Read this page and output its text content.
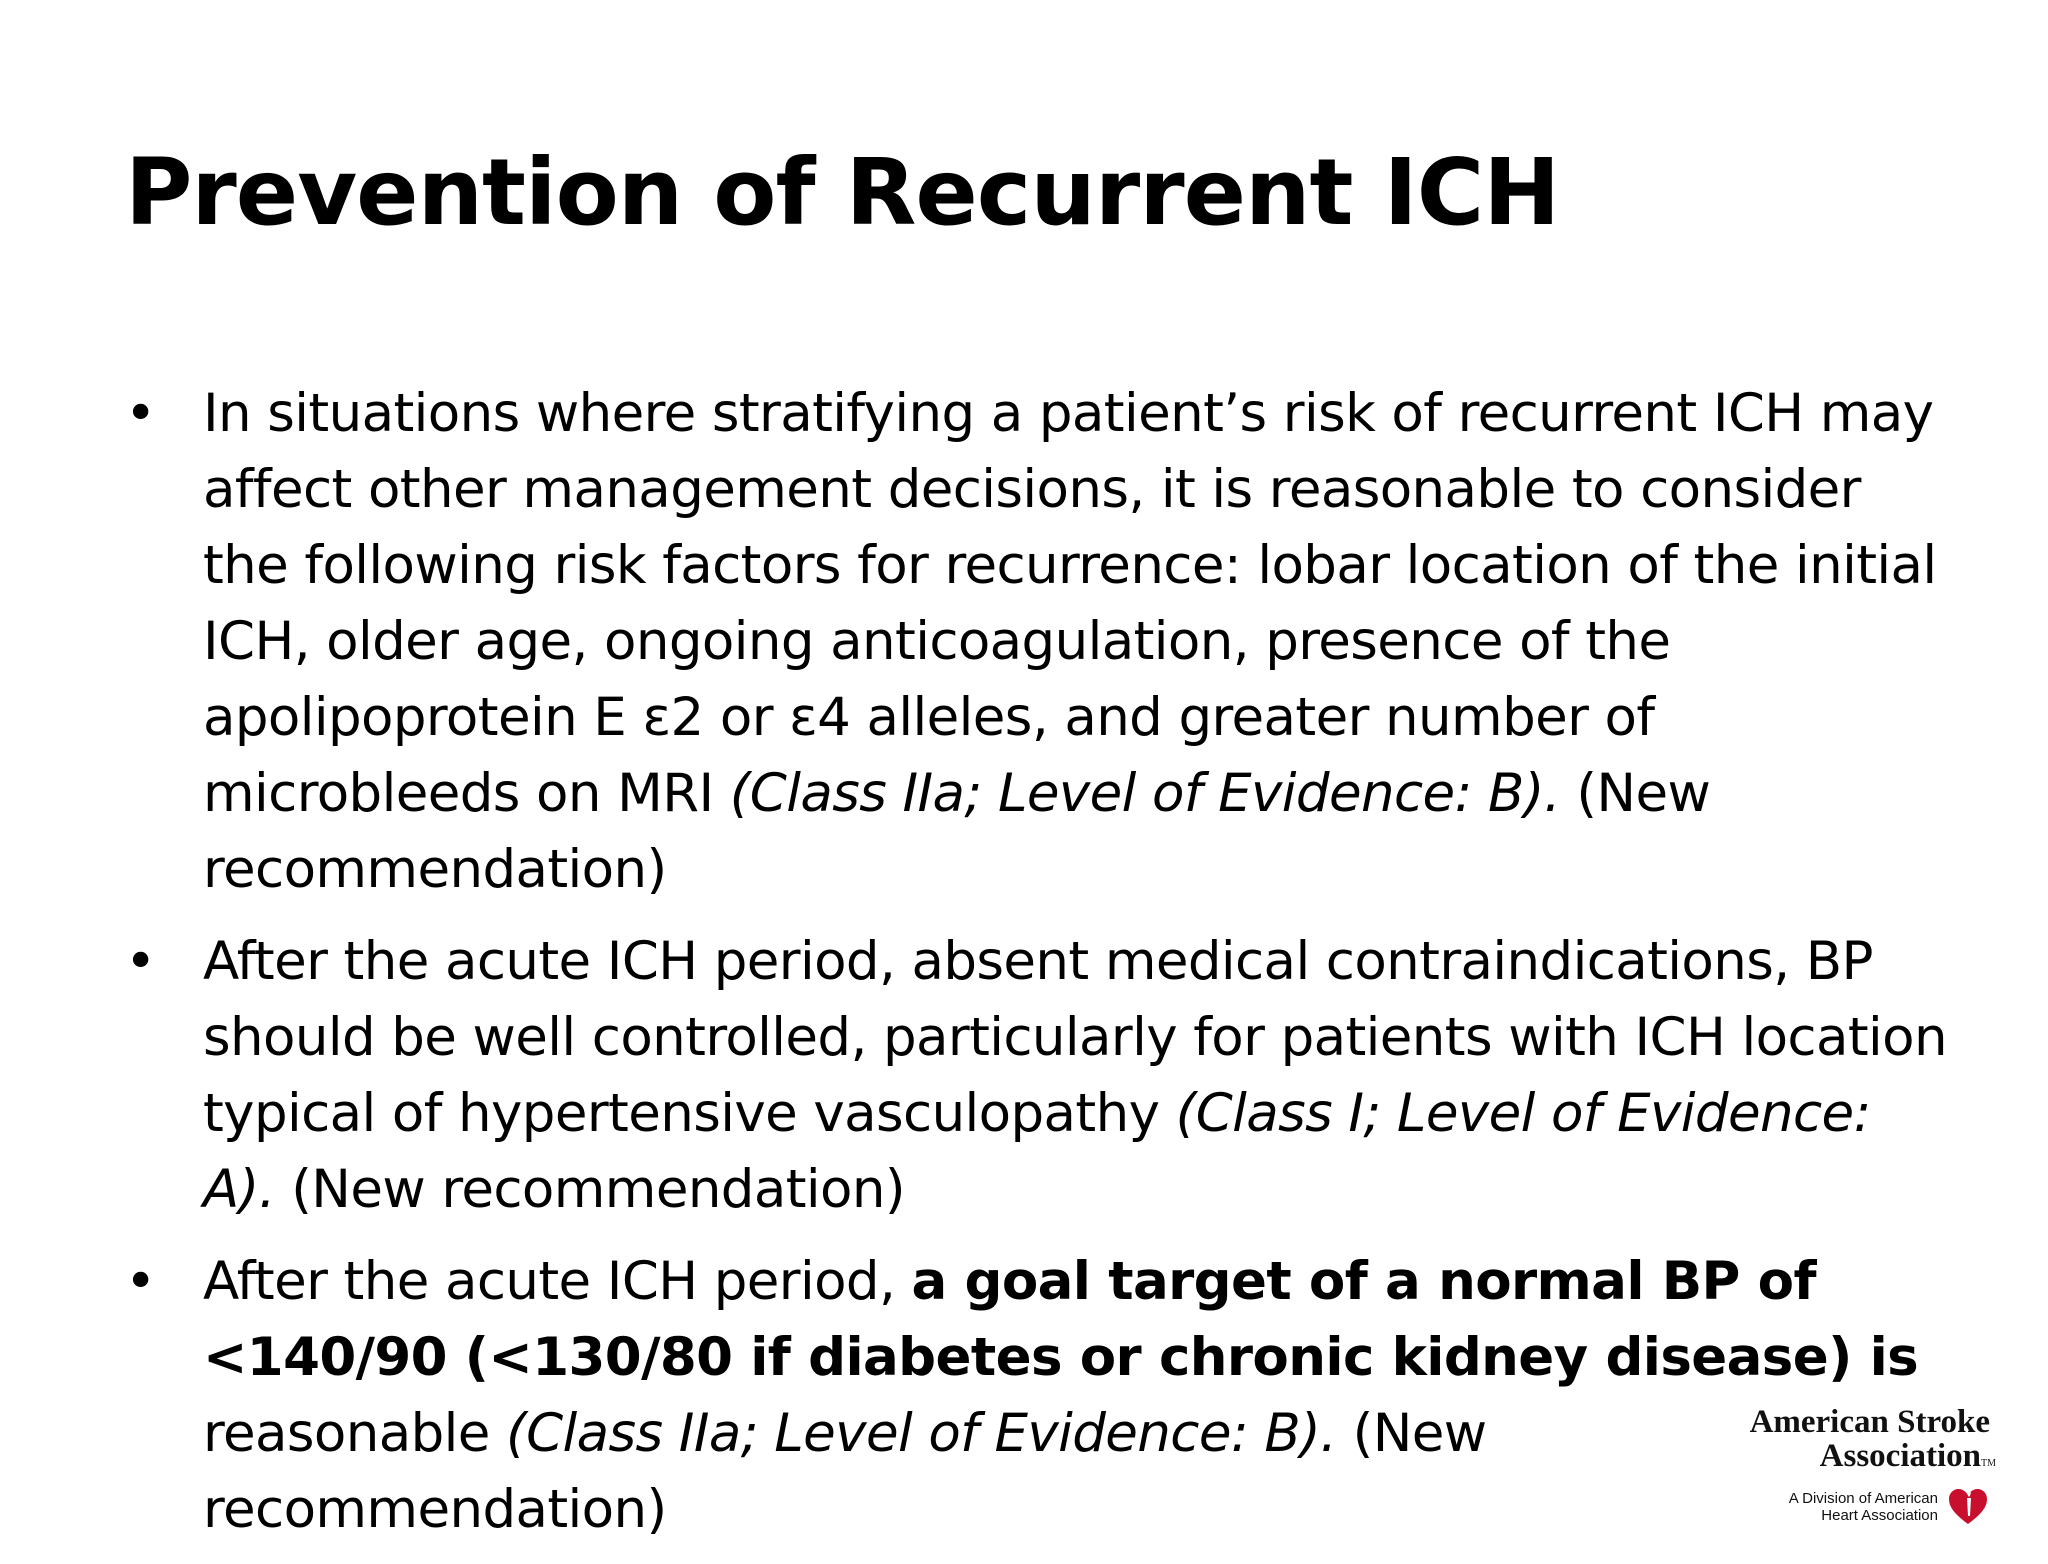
Prevention of Recurrent ICH
• In situations where stratifying a patient’s risk of recurrent ICH may affect other management decisions, it is reasonable to consider the following risk factors for recurrence: lobar location of the initial ICH, older age, ongoing anticoagulation, presence of the apolipoprotein E ε2 or ε4 alleles, and greater number of microbleeds on MRI (Class IIa; Level of Evidence: B). (New recommendation)
• After the acute ICH period, absent medical contraindications, BP should be well controlled, particularly for patients with ICH location typical of hypertensive vasculopathy (Class I; Level of Evidence: A). (New recommendation)
• After the acute ICH period, a goal target of a normal BP of <140/90 (<130/80 if diabetes or chronic kidney disease) is reasonable (Class IIa; Level of Evidence: B). (New recommendation)
American Stroke
AssociationTM
A Division of American
Heart Association
